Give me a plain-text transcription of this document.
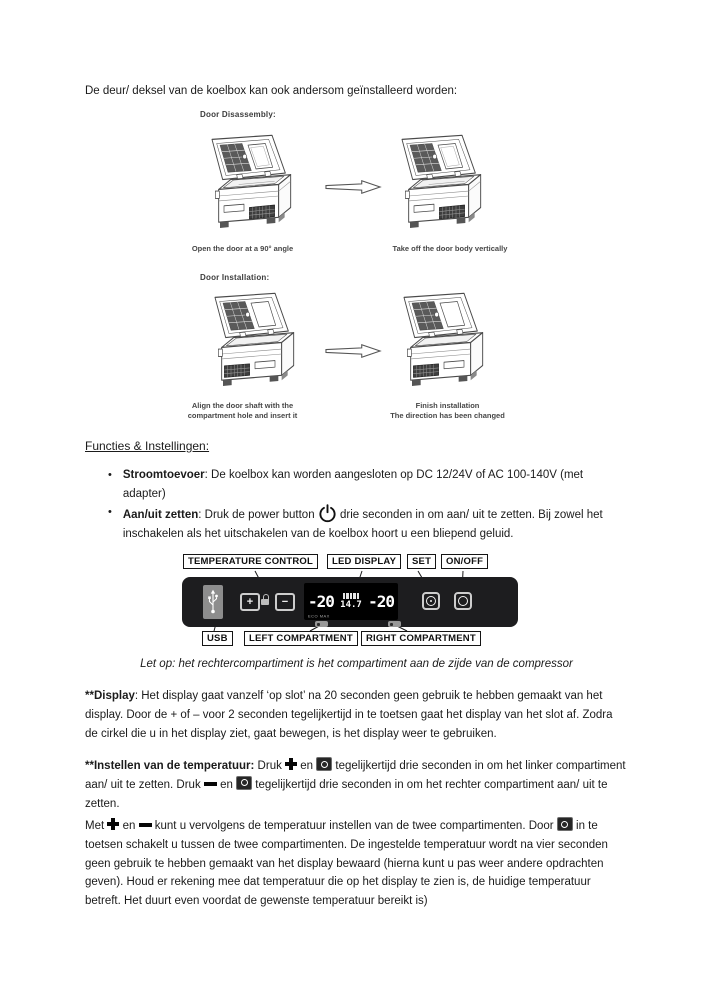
De deur/ deksel van de koelbox kan ook andersom geïnstalleerd worden:

Door Disassembly:
Open the door at a 90° angle	Take off the door body vertically
Door Installation:
Align the door shaft with the
compartment hole and insert it
Finish installation
The direction has been changed
Functies & Instellingen:
• Stroomtoevoer: De koelbox kan worden aangesloten op DC 12/24V of AC 100-140V (met adapter)

• Aan/uit zetten: Druk de power button  drie seconden in om aan/ uit te zetten. Bij zowel het inschakelen als het uitschakelen van de koelbox hoort u een bliepend geluid.

TEMPERATURE CONTROL	LED DISPLAY	SET	ON/OFF
+	−	-20 14.7 -20
ECO MAX
USB	LEFT COMPARTMENT	RIGHT COMPARTMENT

Let op: het rechtercompartiment is het compartiment aan de zijde van de compressor

**Display: Het display gaat vanzelf ‘op slot’ na 20 seconden geen gebruik te hebben gemaakt van het display. Door de + of – voor 2 seconden tegelijkertijd in te toetsen gaat het display van het slot af. Zodra de cirkel die u in het display ziet, gaat bewegen, is het display weer te gebruiken.

**Instellen van de temperatuur: Druk  en  tegelijkertijd drie seconden in om het linker compartiment aan/ uit te zetten. Druk  en  tegelijkertijd drie seconden in om het rechter compartiment aan/ uit te zetten.

Met  en  kunt u vervolgens de temperatuur instellen van de twee compartimenten. Door  in te toetsen schakelt u tussen de twee compartimenten. De ingestelde temperatuur wordt na vier seconden geen gebruik te hebben gemaakt van het display bewaard (hierna kunt u pas weer andere opdrachten geven). Houd er rekening mee dat temperatuur die op het display te zien is, de huidige temperatuur betreft. Het duurt even voordat de gewenste temperatuur bereikt is)
